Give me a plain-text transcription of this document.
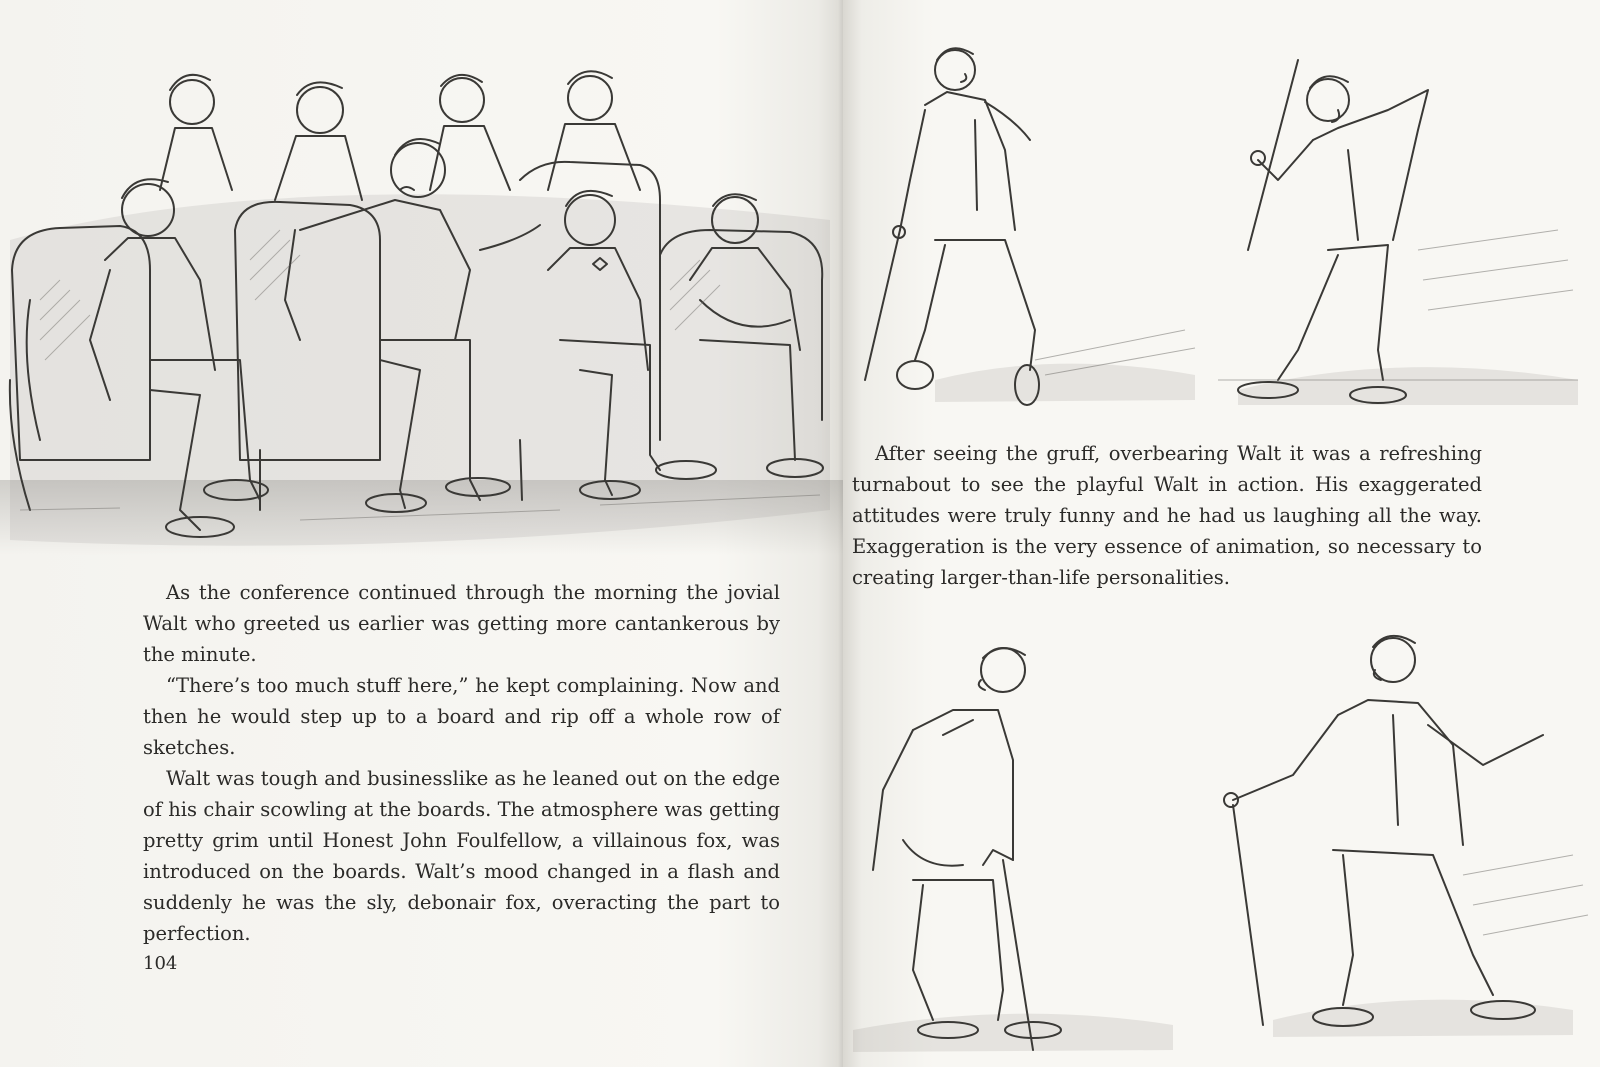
As the conference continued through the morning the jovial Walt who greeted us earlier was getting more cantankerous by the minute.

“There’s too much stuff here,” he kept complaining. Now and then he would step up to a board and rip off a whole row of sketches.

Walt was tough and businesslike as he leaned out on the edge of his chair scowling at the boards. The atmosphere was getting pretty grim until Honest John Foulfellow, a villainous fox, was introduced on the boards. Walt’s mood changed in a flash and suddenly he was the sly, debonair fox, overacting the part to perfection.

104

After seeing the gruff, overbearing Walt it was a refreshing turnabout to see the playful Walt in action. His exaggerated attitudes were truly funny and he had us laughing all the way. Exaggeration is the very essence of animation, so necessary to creating larger-than-life personalities.
